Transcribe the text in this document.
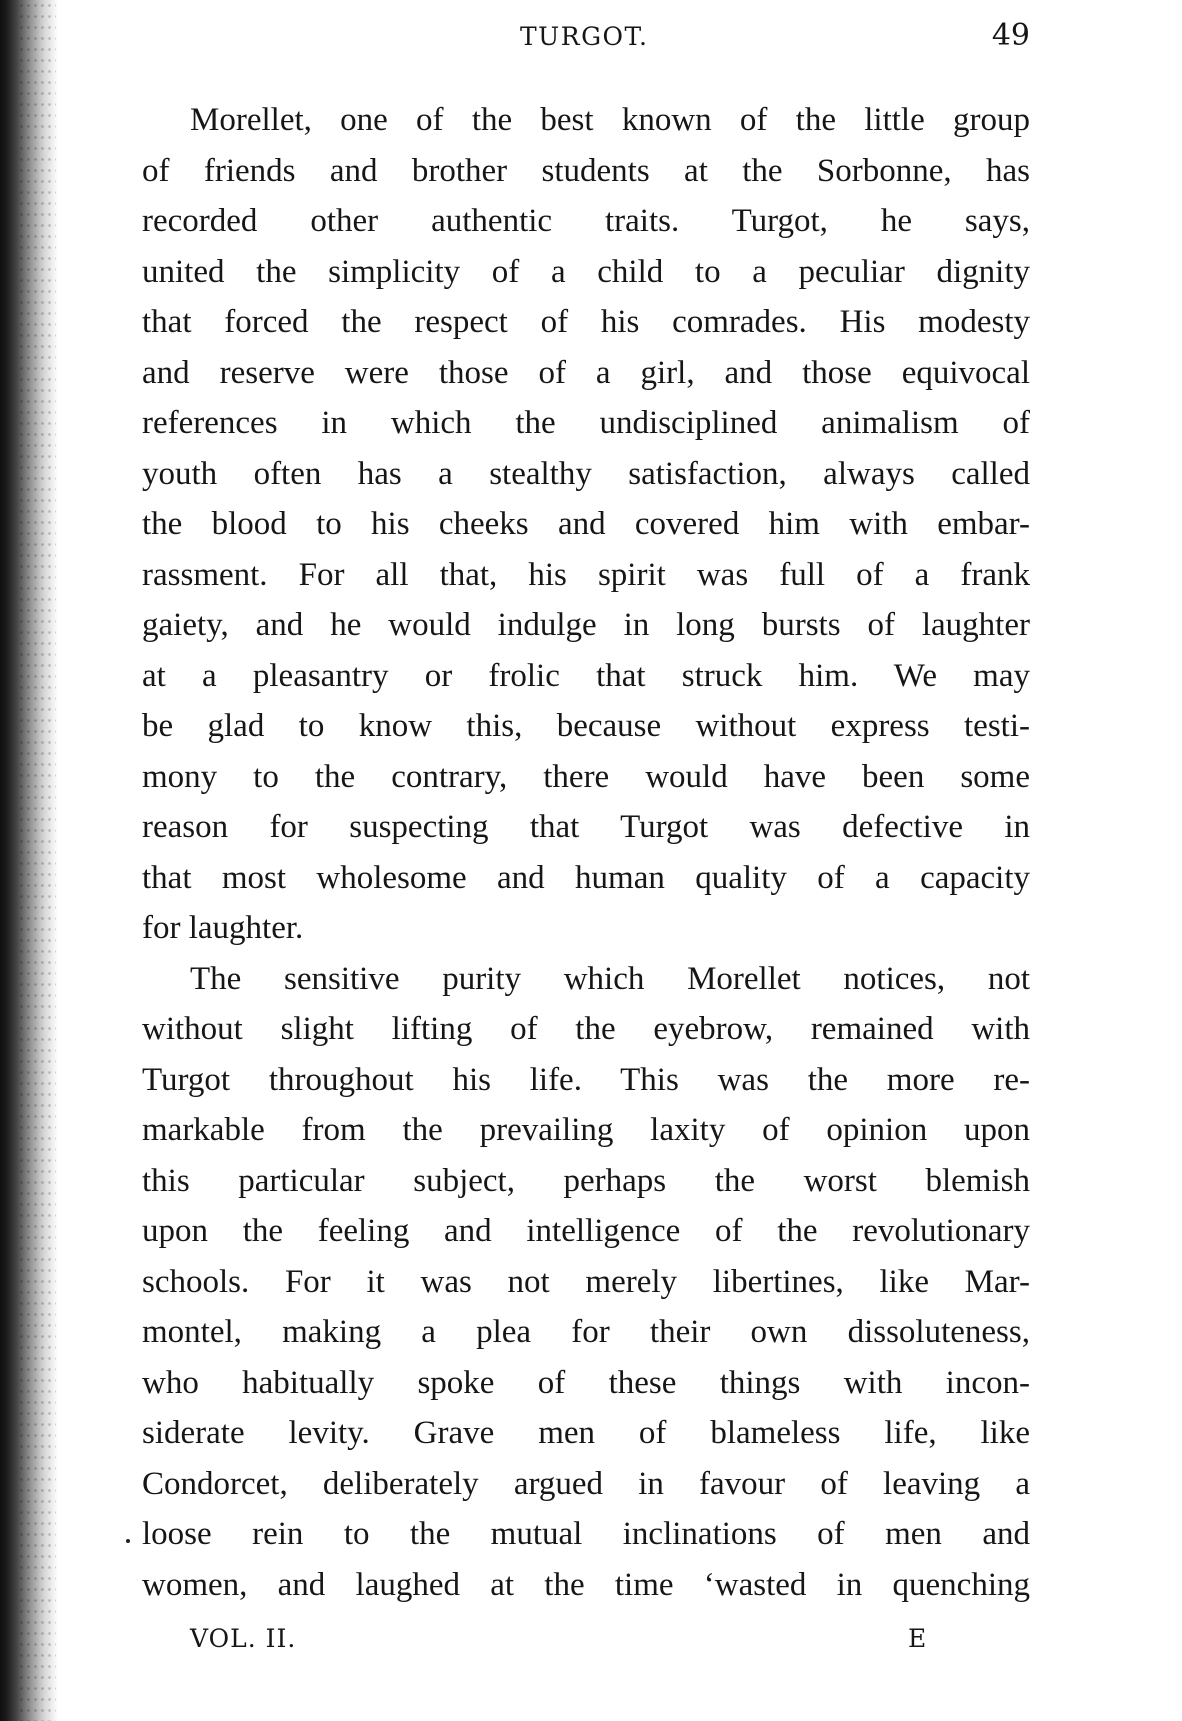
TURGOT.	49
Morellet, one of the best known of the little group
of friends and brother students at the Sorbonne, has
recorded other authentic traits. Turgot, he says,
united the simplicity of a child to a peculiar dignity
that forced the respect of his comrades. His modesty
and reserve were those of a girl, and those equivocal
references in which the undisciplined animalism of
youth often has a stealthy satisfaction, always called
the blood to his cheeks and covered him with embar-
rassment. For all that, his spirit was full of a frank
gaiety, and he would indulge in long bursts of laughter
at a pleasantry or frolic that struck him. We may
be glad to know this, because without express testi-
mony to the contrary, there would have been some
reason for suspecting that Turgot was defective in
that most wholesome and human quality of a capacity
for laughter.
The sensitive purity which Morellet notices, not
without slight lifting of the eyebrow, remained with
Turgot throughout his life. This was the more re-
markable from the prevailing laxity of opinion upon
this particular subject, perhaps the worst blemish
upon the feeling and intelligence of the revolutionary
schools. For it was not merely libertines, like Mar-
montel, making a plea for their own dissoluteness,
who habitually spoke of these things with incon-
siderate levity. Grave men of blameless life, like
Condorcet, deliberately argued in favour of leaving a
loose rein to the mutual inclinations of men and
women, and laughed at the time ‘wasted in quenching
VOL. II.	E
